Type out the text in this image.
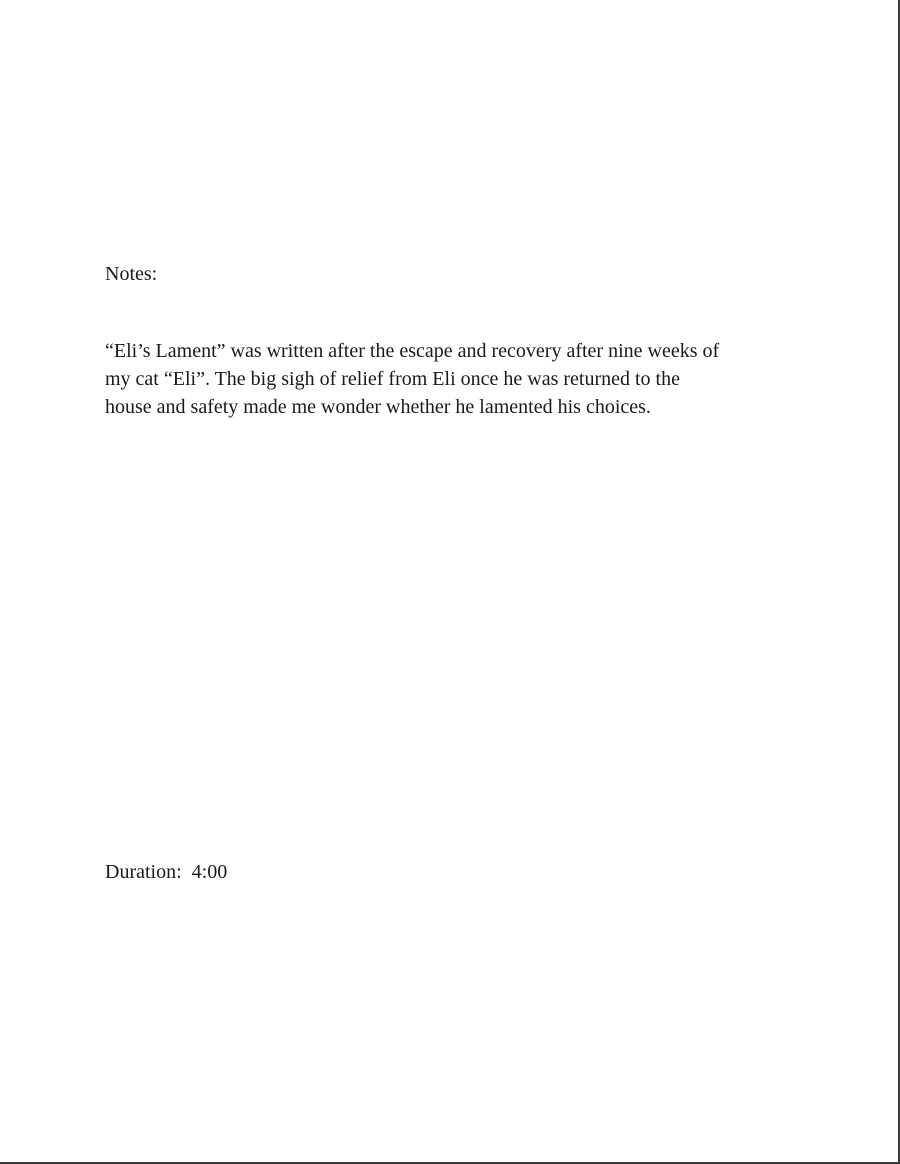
Notes:

“Eli’s Lament” was written after the escape and recovery after nine weeks of
my cat “Eli”. The big sigh of relief from Eli once he was returned to the
house and safety made me wonder whether he lamented his choices.

Duration:  4:00
